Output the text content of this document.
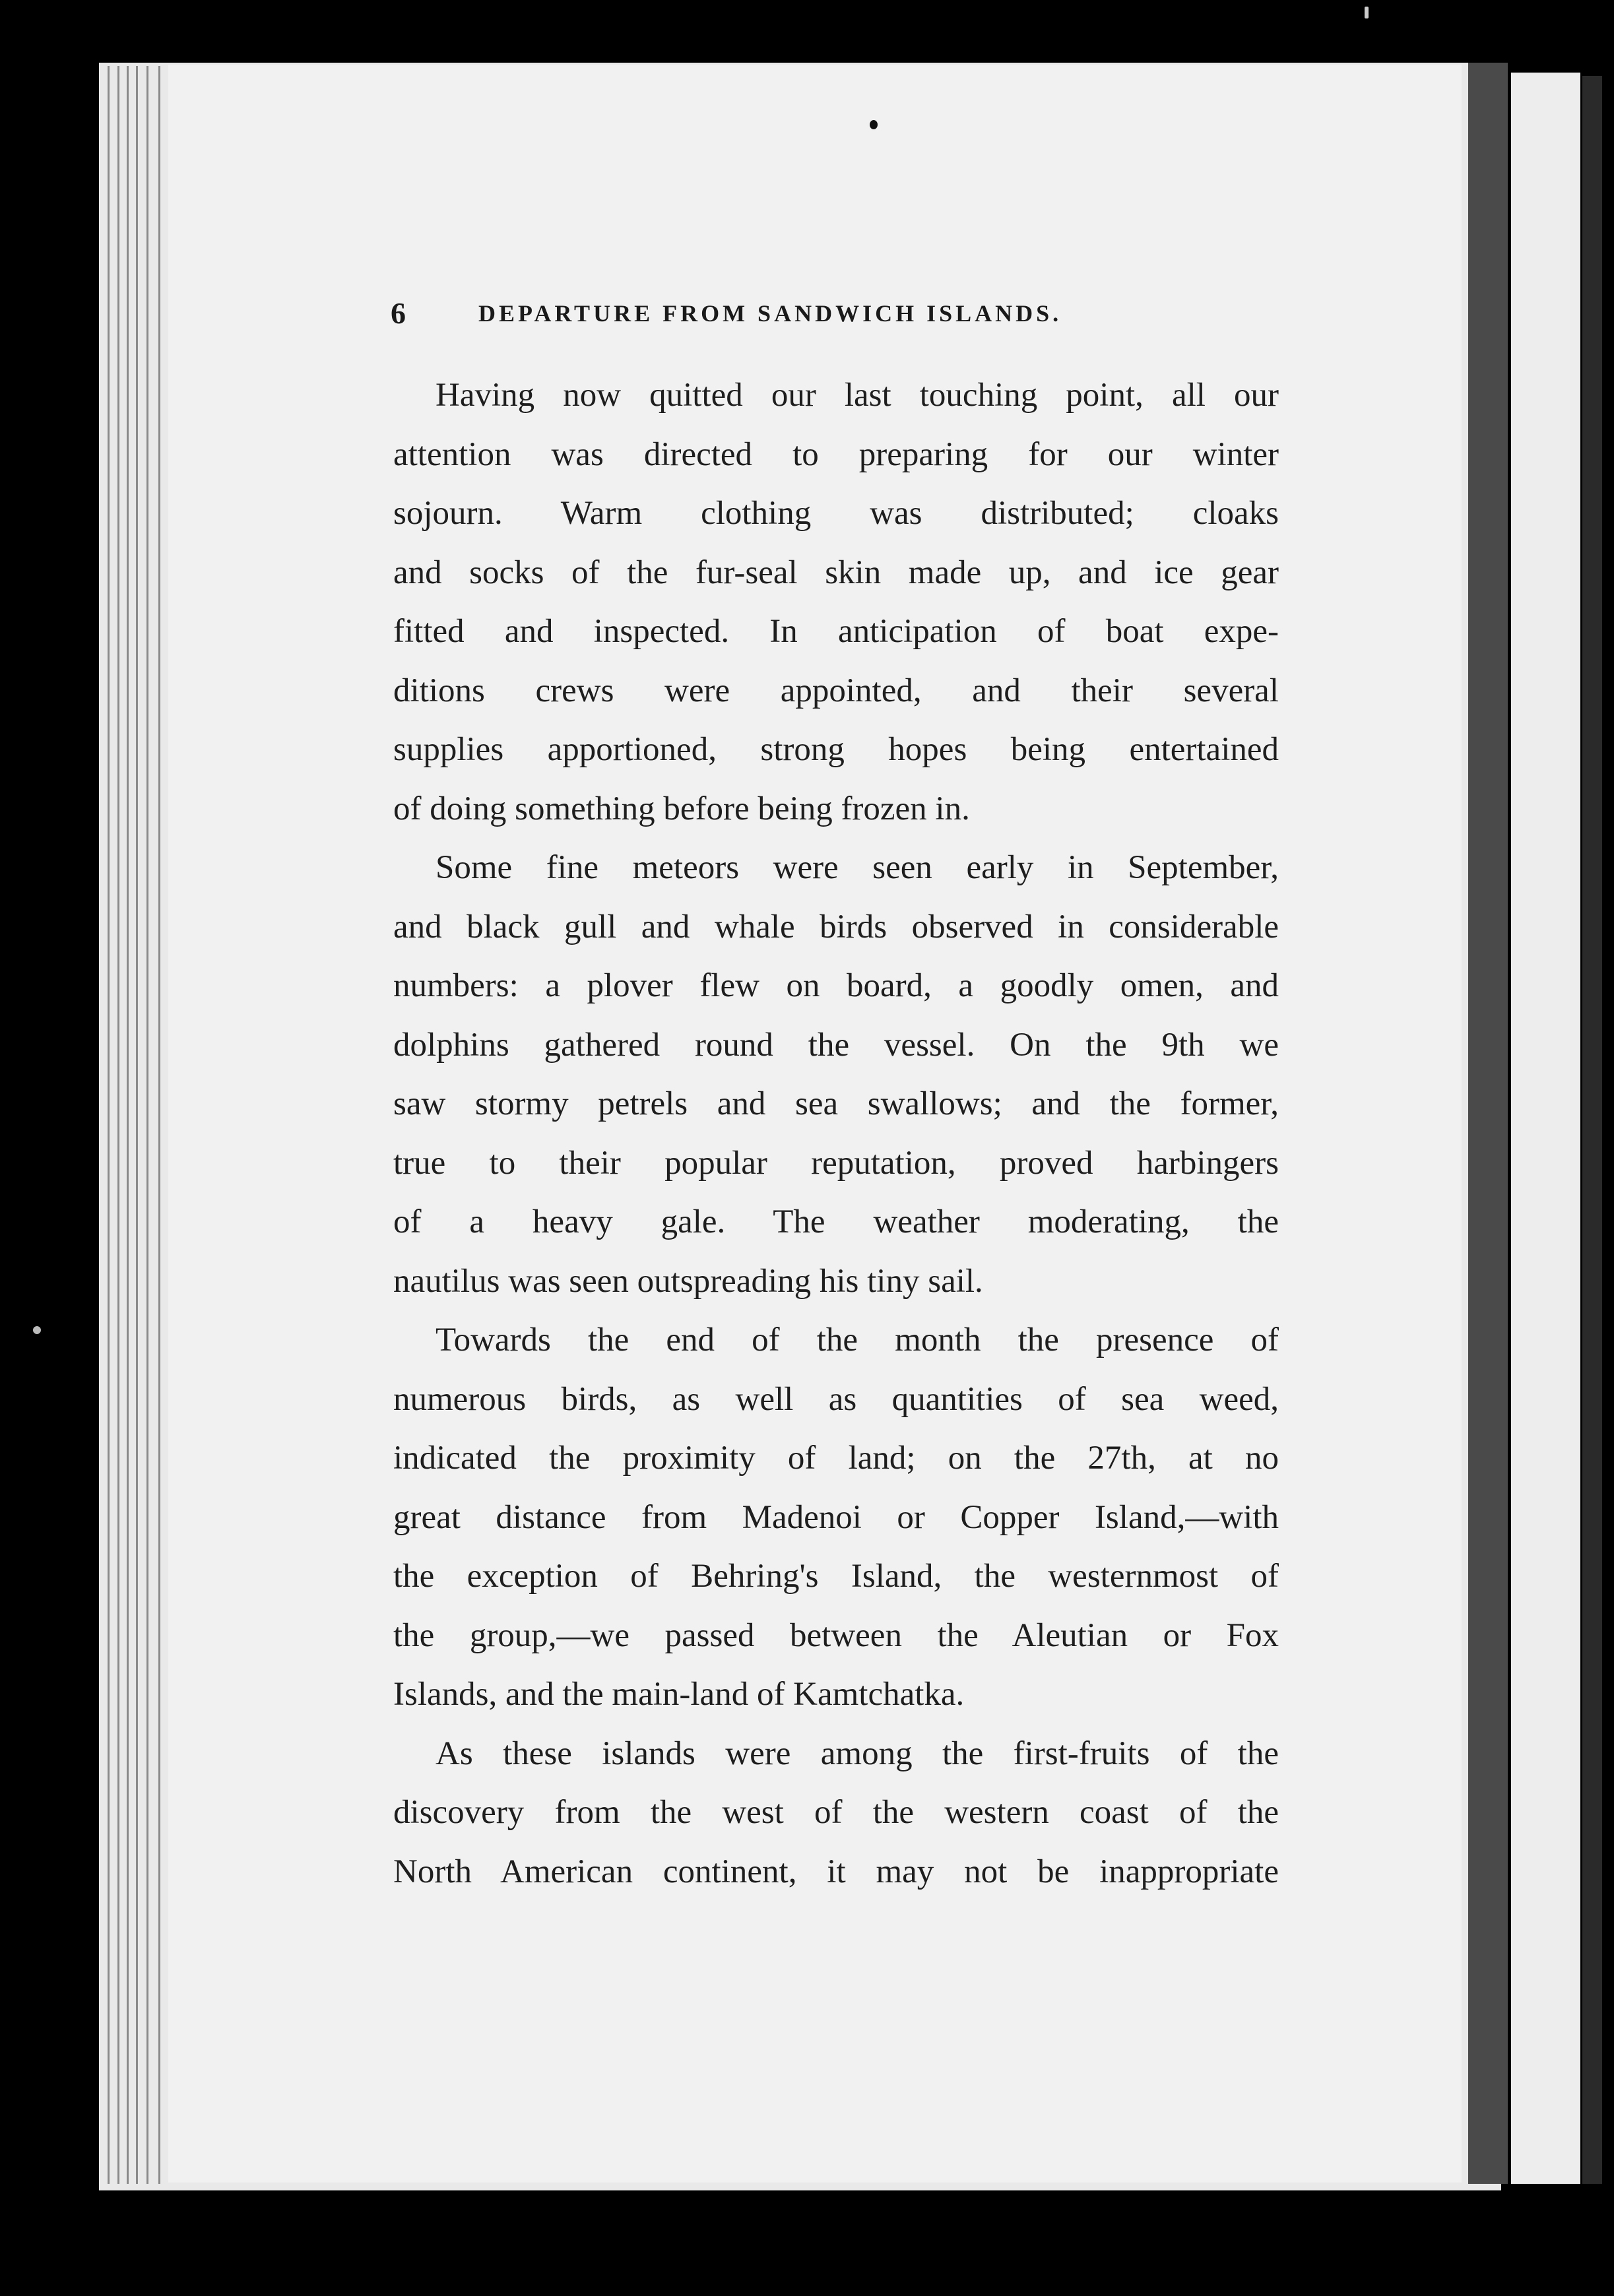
6	DEPARTURE FROM SANDWICH ISLANDS.
Having now quitted our last touching point, all our
attention was directed to preparing for our winter
sojourn. Warm clothing was distributed; cloaks
and socks of the fur-seal skin made up, and ice gear
fitted and inspected. In anticipation of boat expe-
ditions crews were appointed, and their several
supplies apportioned, strong hopes being entertained
of doing something before being frozen in.
Some fine meteors were seen early in September,
and black gull and whale birds observed in considerable
numbers: a plover flew on board, a goodly omen, and
dolphins gathered round the vessel. On the 9th we
saw stormy petrels and sea swallows; and the former,
true to their popular reputation, proved harbingers
of a heavy gale. The weather moderating, the
nautilus was seen outspreading his tiny sail.
Towards the end of the month the presence of
numerous birds, as well as quantities of sea weed,
indicated the proximity of land; on the 27th, at no
great distance from Madenoi or Copper Island,—with
the exception of Behring's Island, the westernmost of
the group,—we passed between the Aleutian or Fox
Islands, and the main-land of Kamtchatka.
As these islands were among the first-fruits of the
discovery from the west of the western coast of the
North American continent, it may not be inappropriate
